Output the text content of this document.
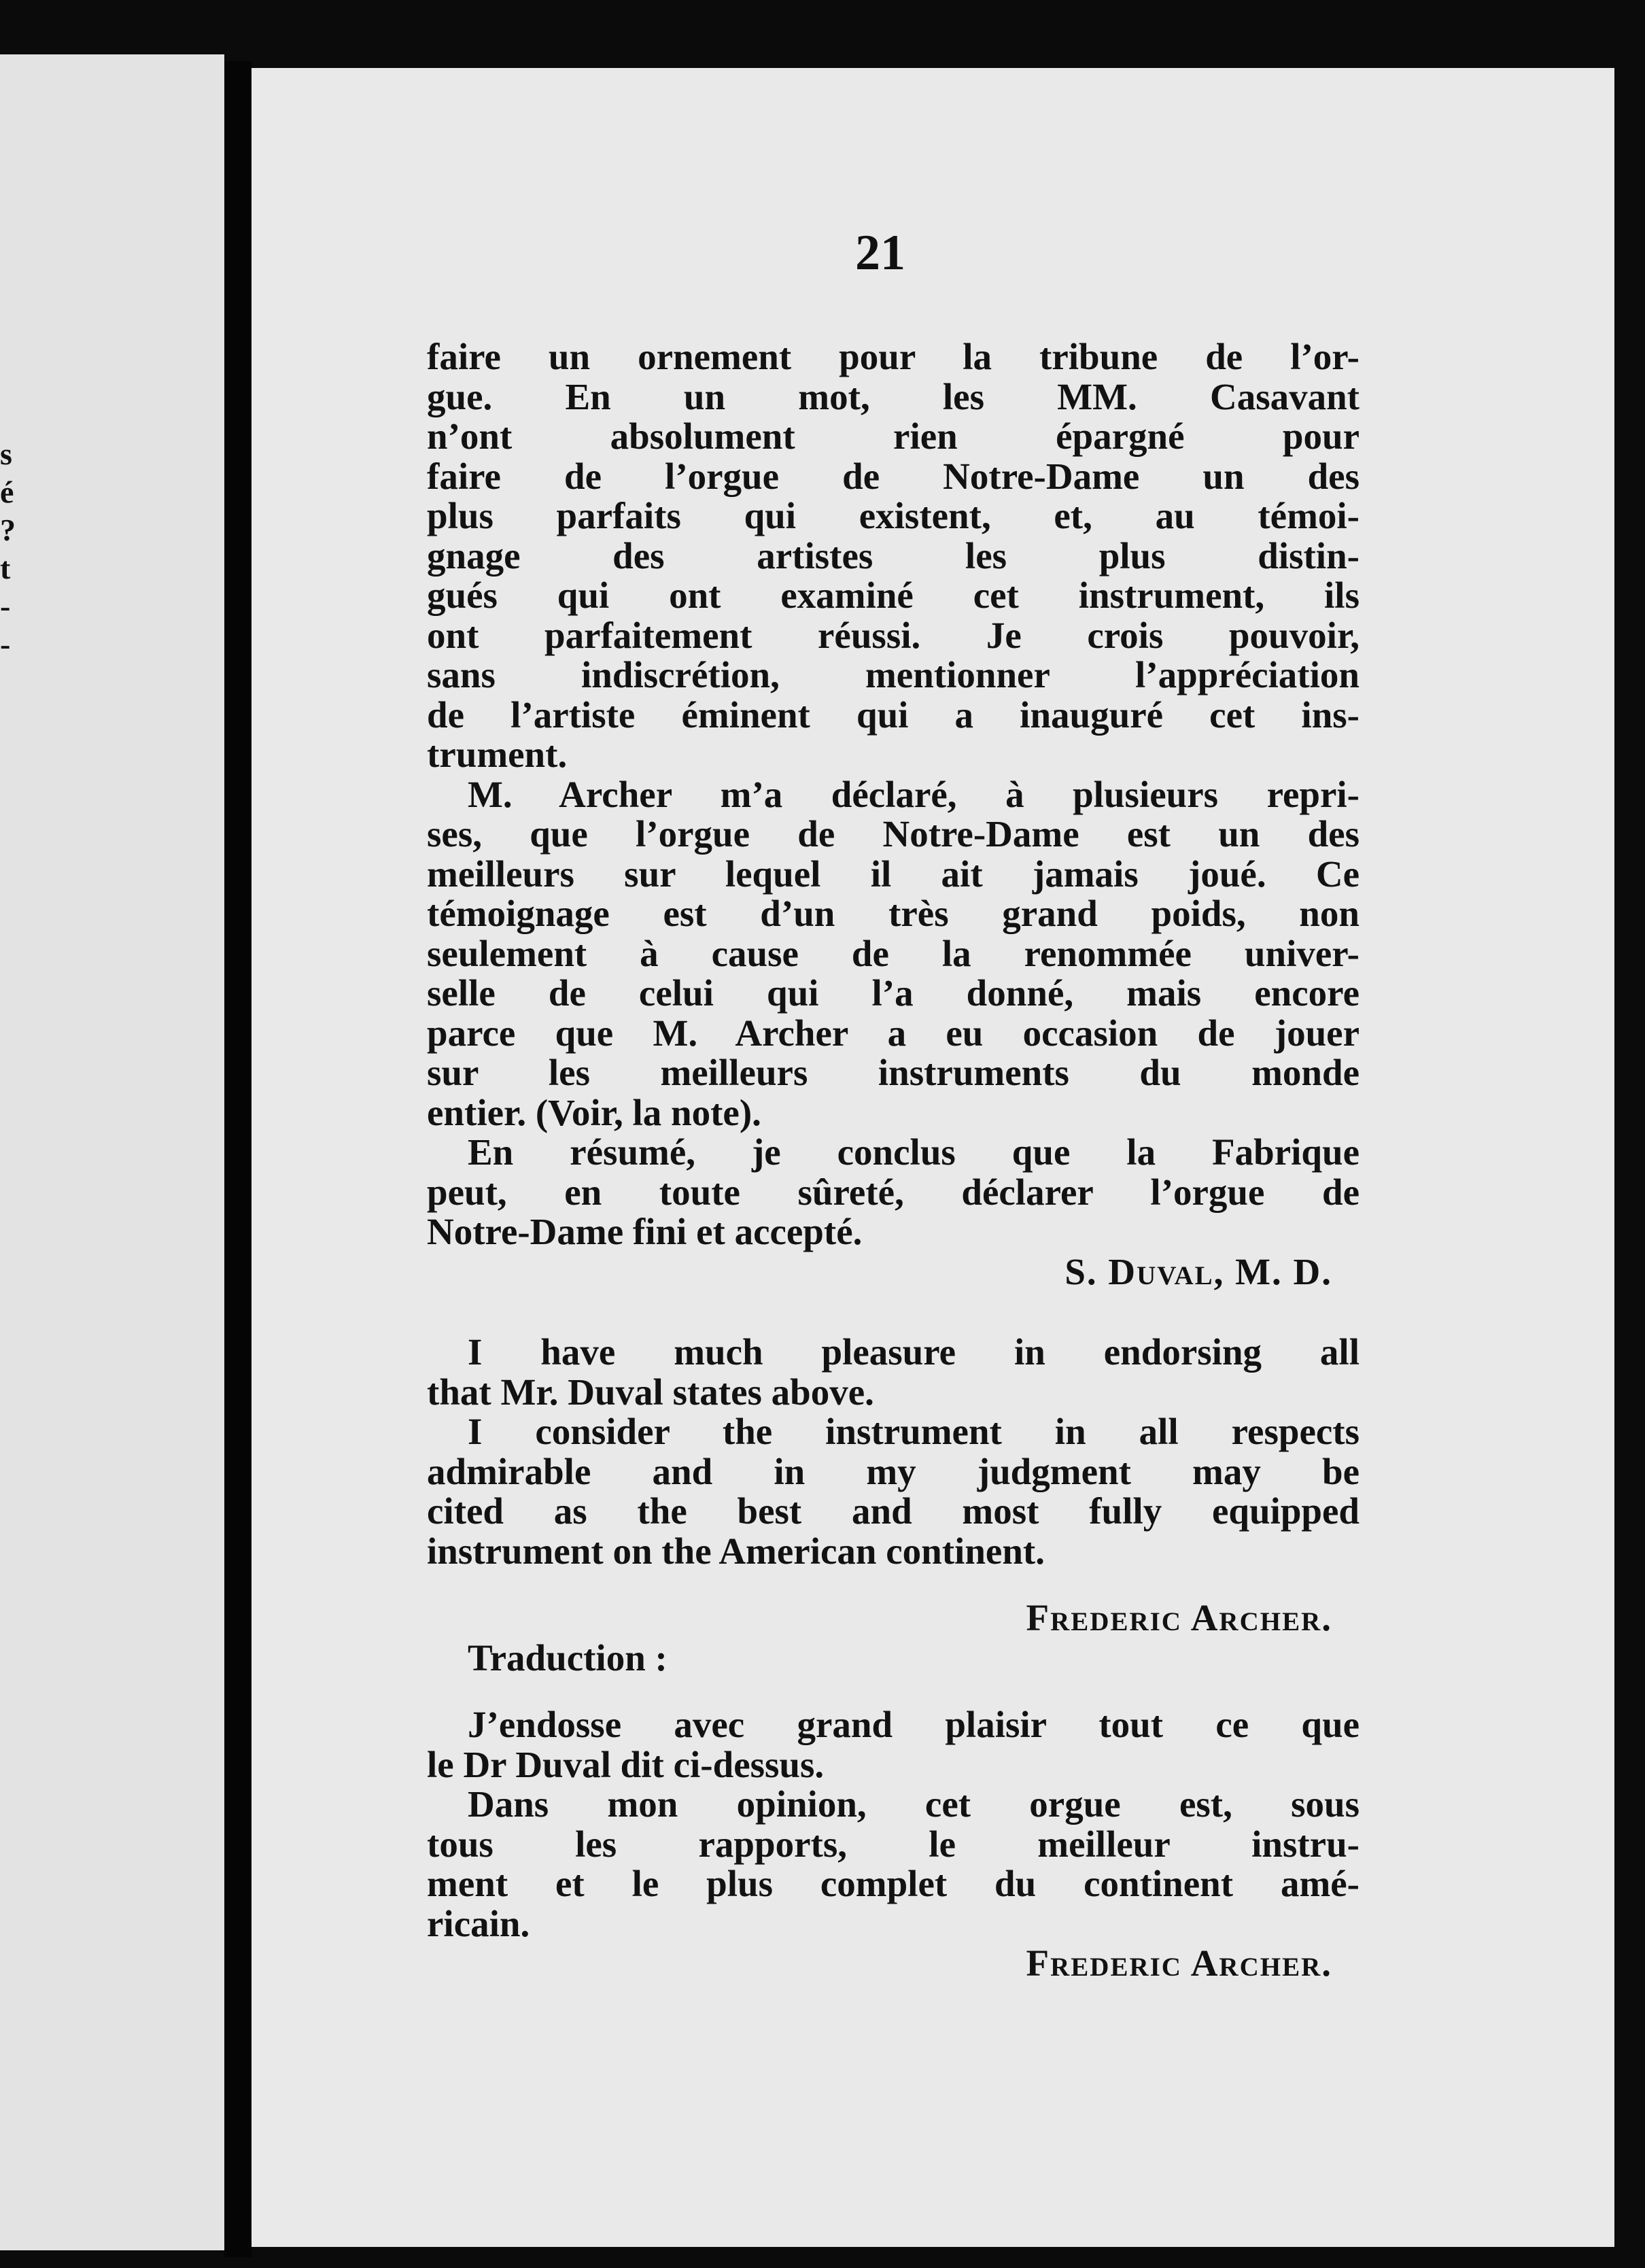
s
é
?
t
-
-
21
faire un ornement pour la tribune de l’or-
gue. En un mot, les MM. Casavant
n’ont absolument rien épargné pour
faire de l’orgue de Notre-Dame un des
plus parfaits qui existent, et, au témoi-
gnage des artistes les plus distin-
gués qui ont examiné cet instrument, ils
ont parfaitement réussi. Je crois pouvoir,
sans indiscrétion, mentionner l’appréciation
de l’artiste éminent qui a inauguré cet ins-
trument.
M. Archer m’a déclaré, à plusieurs repri-
ses, que l’orgue de Notre-Dame est un des
meilleurs sur lequel il ait jamais joué. Ce
témoignage est d’un très grand poids, non
seulement à cause de la renommée univer-
selle de celui qui l’a donné, mais encore
parce que M. Archer a eu occasion de jouer
sur les meilleurs instruments du monde
entier. (Voir, la note).
En résumé, je conclus que la Fabrique
peut, en toute sûreté, déclarer l’orgue de
Notre-Dame fini et accepté.

S. Duval, M. D.

I have much pleasure in endorsing all
that Mr. Duval states above.
I consider the instrument in all respects
admirable and in my judgment may be
cited as the best and most fully equipped
instrument on the American continent.

Frederic Archer.

Traduction :

J’endosse avec grand plaisir tout ce que
le Dr Duval dit ci-dessus.
Dans mon opinion, cet orgue est, sous
tous les rapports, le meilleur instru-
ment et le plus complet du continent amé-
ricain.

Frederic Archer.
